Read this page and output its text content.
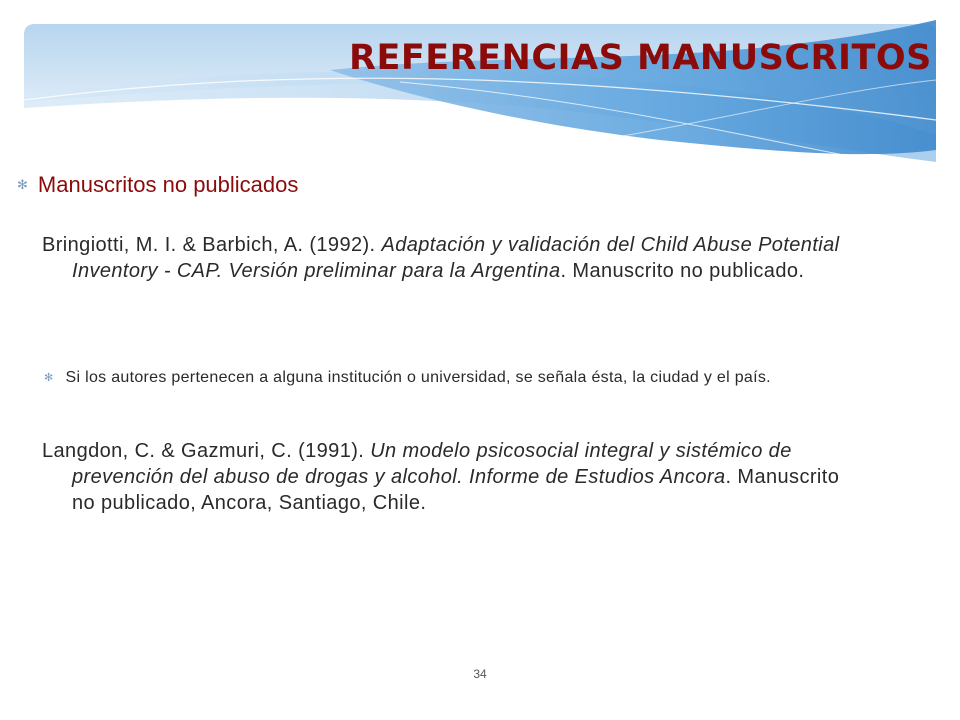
REFERENCIAS MANUSCRITOS
✻ Manuscritos no publicados

Bringiotti, M. I. & Barbich, A. (1992). Adaptación y validación del Child Abuse Potential Inventory - CAP. Versión preliminar para la Argentina. Manuscrito no publicado.

✻ Si los autores pertenecen a alguna institución o universidad, se señala ésta, la ciudad y el país.

Langdon, C. & Gazmuri, C. (1991). Un modelo psicosocial integral y sistémico de prevención del abuso de drogas y alcohol. Informe de Estudios Ancora. Manuscrito no publicado, Ancora, Santiago, Chile.

34
